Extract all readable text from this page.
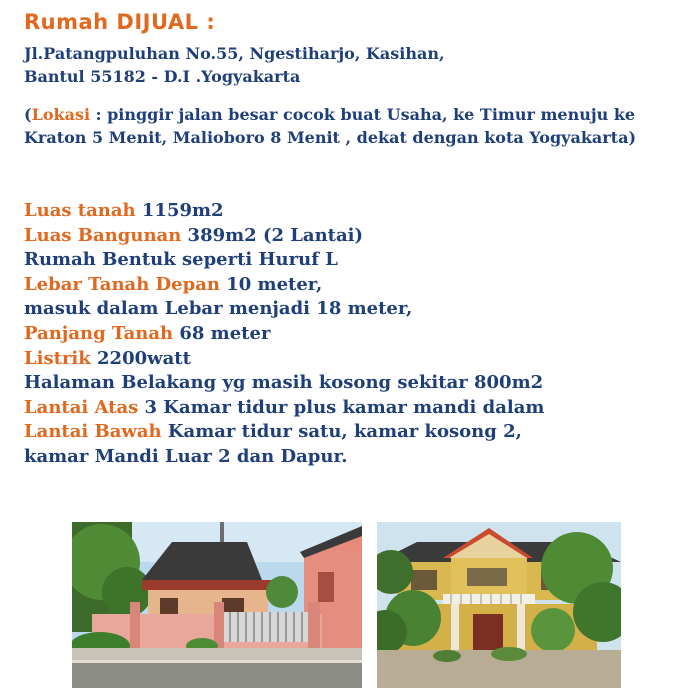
Rumah DIJUAL :
Jl.Patangpuluhan No.55, Ngestiharjo, Kasihan,
Bantul 55182 - D.I .Yogyakarta
(Lokasi : pinggir jalan besar cocok buat Usaha, ke Timur menuju ke Kraton 5 Menit, Malioboro 8 Menit , dekat dengan kota Yogyakarta)
Luas tanah 1159m2
Luas Bangunan 389m2 (2 Lantai)
Rumah Bentuk seperti Huruf L
Lebar Tanah Depan 10 meter,
masuk dalam Lebar menjadi 18 meter,
Panjang Tanah 68 meter
Listrik 2200watt
Halaman Belakang yg masih kosong sekitar 800m2
Lantai Atas 3 Kamar tidur plus kamar mandi dalam
Lantai Bawah Kamar tidur satu, kamar kosong 2,
kamar Mandi Luar 2 dan Dapur.
